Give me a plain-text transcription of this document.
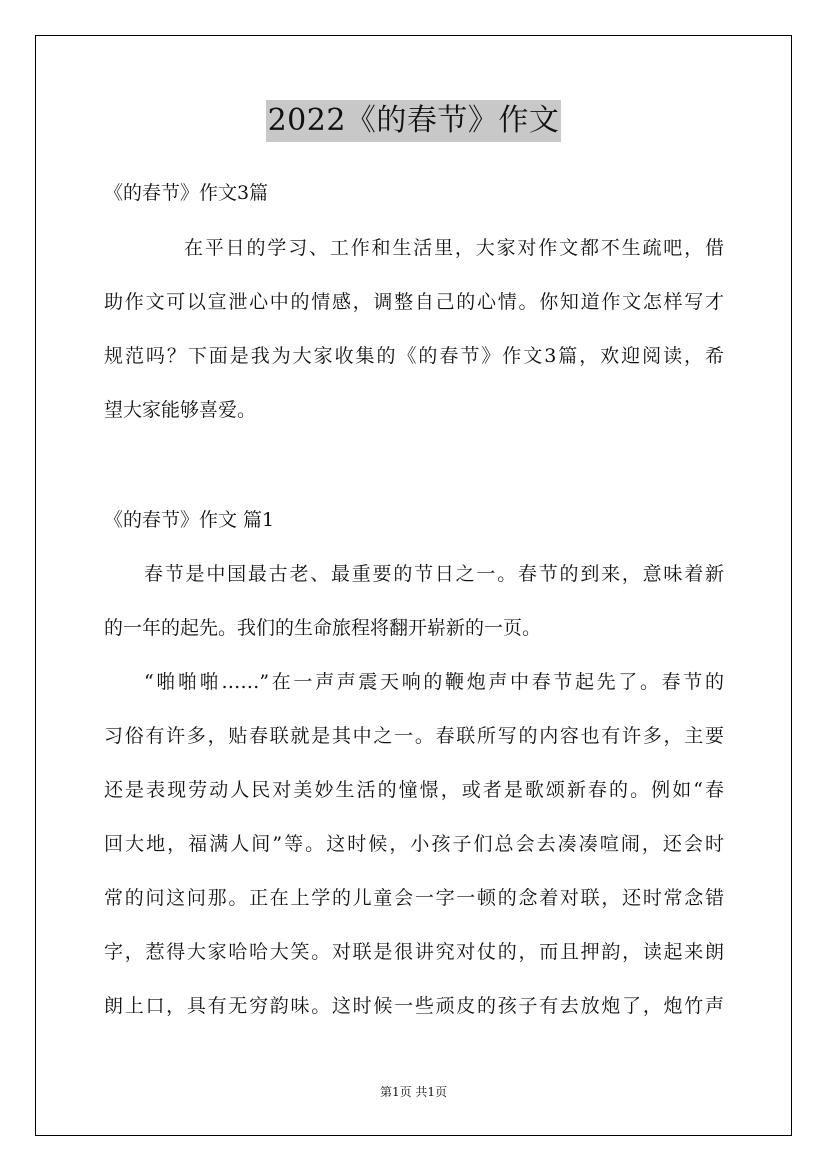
2022《的春节》作文
《的春节》作文3篇
在平日的学习、工作和生活里，大家对作文都不生疏吧，借
助作文可以宣泄心中的情感，调整自己的心情。你知道作文怎样写才
规范吗？下面是我为大家收集的《的春节》作文3篇，欢迎阅读，希
望大家能够喜爱。
《的春节》作文 篇1
春节是中国最古老、最重要的节日之一。春节的到来，意味着新
的一年的起先。我们的生命旅程将翻开崭新的一页。
“啪啪啪……”在一声声震天响的鞭炮声中春节起先了。春节的
习俗有许多，贴春联就是其中之一。春联所写的内容也有许多，主要
还是表现劳动人民对美妙生活的憧憬，或者是歌颂新春的。例如“春
回大地，福满人间”等。这时候，小孩子们总会去凑凑喧闹，还会时
常的问这问那。正在上学的儿童会一字一顿的念着对联，还时常念错
字，惹得大家哈哈大笑。对联是很讲究对仗的，而且押韵，读起来朗
朗上口，具有无穷韵味。这时候一些顽皮的孩子有去放炮了，炮竹声
第1页 共1页
